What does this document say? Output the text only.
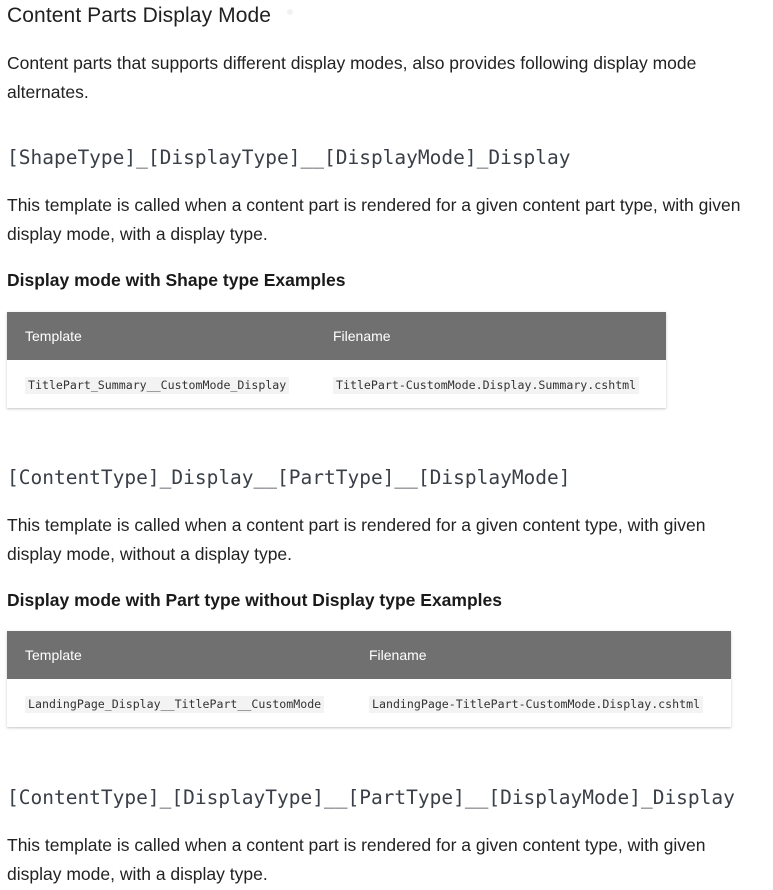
Content Parts Display Mode
Content parts that supports different display modes, also provides following display mode alternates.
[ShapeType]_[DisplayType]__[DisplayMode]_Display
This template is called when a content part is rendered for a given content part type, with given display mode, with a display type.
Display mode with Shape type Examples
Template	Filename
TitlePart_Summary__CustomMode_Display	TitlePart-CustomMode.Display.Summary.cshtml
[ContentType]_Display__[PartType]__[DisplayMode]
This template is called when a content part is rendered for a given content type, with given display mode, without a display type.
Display mode with Part type without Display type Examples
Template	Filename
LandingPage_Display__TitlePart__CustomMode	LandingPage-TitlePart-CustomMode.Display.cshtml
[ContentType]_[DisplayType]__[PartType]__[DisplayMode]_Display
This template is called when a content part is rendered for a given content type, with given display mode, with a display type.
